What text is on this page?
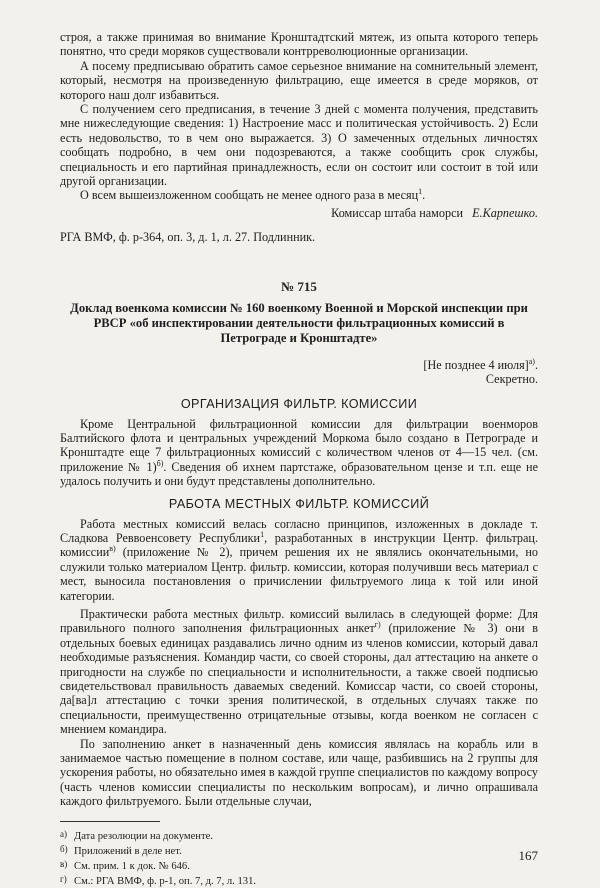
строя, а также принимая во внимание Кронштадтский мятеж, из опыта которого теперь понятно, что среди моряков существовали контрреволюционные организации.

А посему предписываю обратить самое серьезное внимание на сомнительный элемент, который, несмотря на произведенную фильтрацию, еще имеется в среде моряков, от которого наш долг избавиться.

С получением сего предписания, в течение 3 дней с момента получения, представить мне нижеследующие сведения: 1) Настроение масс и политическая устойчивость. 2) Если есть недовольство, то в чем оно выражается. 3) О замеченных отдельных личностях сообщать подробно, в чем они подозреваются, а также сообщить срок службы, специальность и его партийная принадлежность, если он состоит или состоит в той или другой организации.

О всем вышеизложенном сообщать не менее одного раза в месяц$^1$.

Комиссар штаба наморси Е.Карпешко.
РГА ВМФ, ф. р-364, оп. 3, д. 1, л. 27. Подлинник.
№ 715
Доклад военкома комиссии № 160 военкому Военной и Морской инспекции при РВСР «об инспектировании деятельности фильтрационных комиссий в Петрограде и Кронштадте»
[Не позднее 4 июля]$^{а)}$.
Секретно.
ОРГАНИЗАЦИЯ ФИЛЬТР. КОМИССИИ

Кроме Центральной фильтрационной комиссии для фильтрации военморов Балтийского флота и центральных учреждений Моркома было создано в Петрограде и Кронштадте еще 7 фильтрационных комиссий с количеством членов от 4—15 чел. (см. приложение № 1)$^{б)}$. Сведения об ихнем партстаже, образовательном цензе и т.п. еще не удалось получить и они будут представлены дополнительно.

РАБОТА МЕСТНЫХ ФИЛЬТР. КОМИССИЙ

Работа местных комиссий велась согласно принципов, изложенных в докладе т. Сладкова Реввоенсовету Республики$^1$, разработанных в инструкции Центр. фильтрац. комиссии$^{в)}$ (приложение № 2), причем решения их не являлись окончательными, но служили только материалом Центр. фильтр. комиссии, которая получивши весь материал с мест, выносила постановления о причислении фильтруемого лица к той или иной категории.

Практически работа местных фильтр. комиссий вылилась в следующей форме: Для правильного полного заполнения фильтрационных анкет$^{г)}$ (приложение № 3) они в отдельных боевых единицах раздавались лично одним из членов комиссии, который давал необходимые разъяснения. Командир части, со своей стороны, дал аттестацию на анкете о пригодности на службе по специальности и исполнительности, а также своей подписью свидетельствовал правильность даваемых сведений. Комиссар части, со своей стороны, да[ва]л аттестацию с точки зрения политической, в отдельных случаях также по специальности, преимущественно отрицательные отзывы, когда военком не согласен с мнением командира.

По заполнению анкет в назначенный день комиссия являлась на корабль или в занимаемое частью помещение в полном составе, или чаще, разбившись на 2 группы для ускорения работы, но обязательно имея в каждой группе специалистов по каждому вопросу (часть членов комиссии специалисты по нескольким вопросам), и лично опрашивала каждого фильтруемого. Были отдельные случаи,

а) Дата резолюции на документе.
б) Приложений в деле нет.
в) См. прим. 1 к док. № 646.
г) См.: РГА ВМФ, ф. р-1, оп. 7, д. 7, л. 131.
167
